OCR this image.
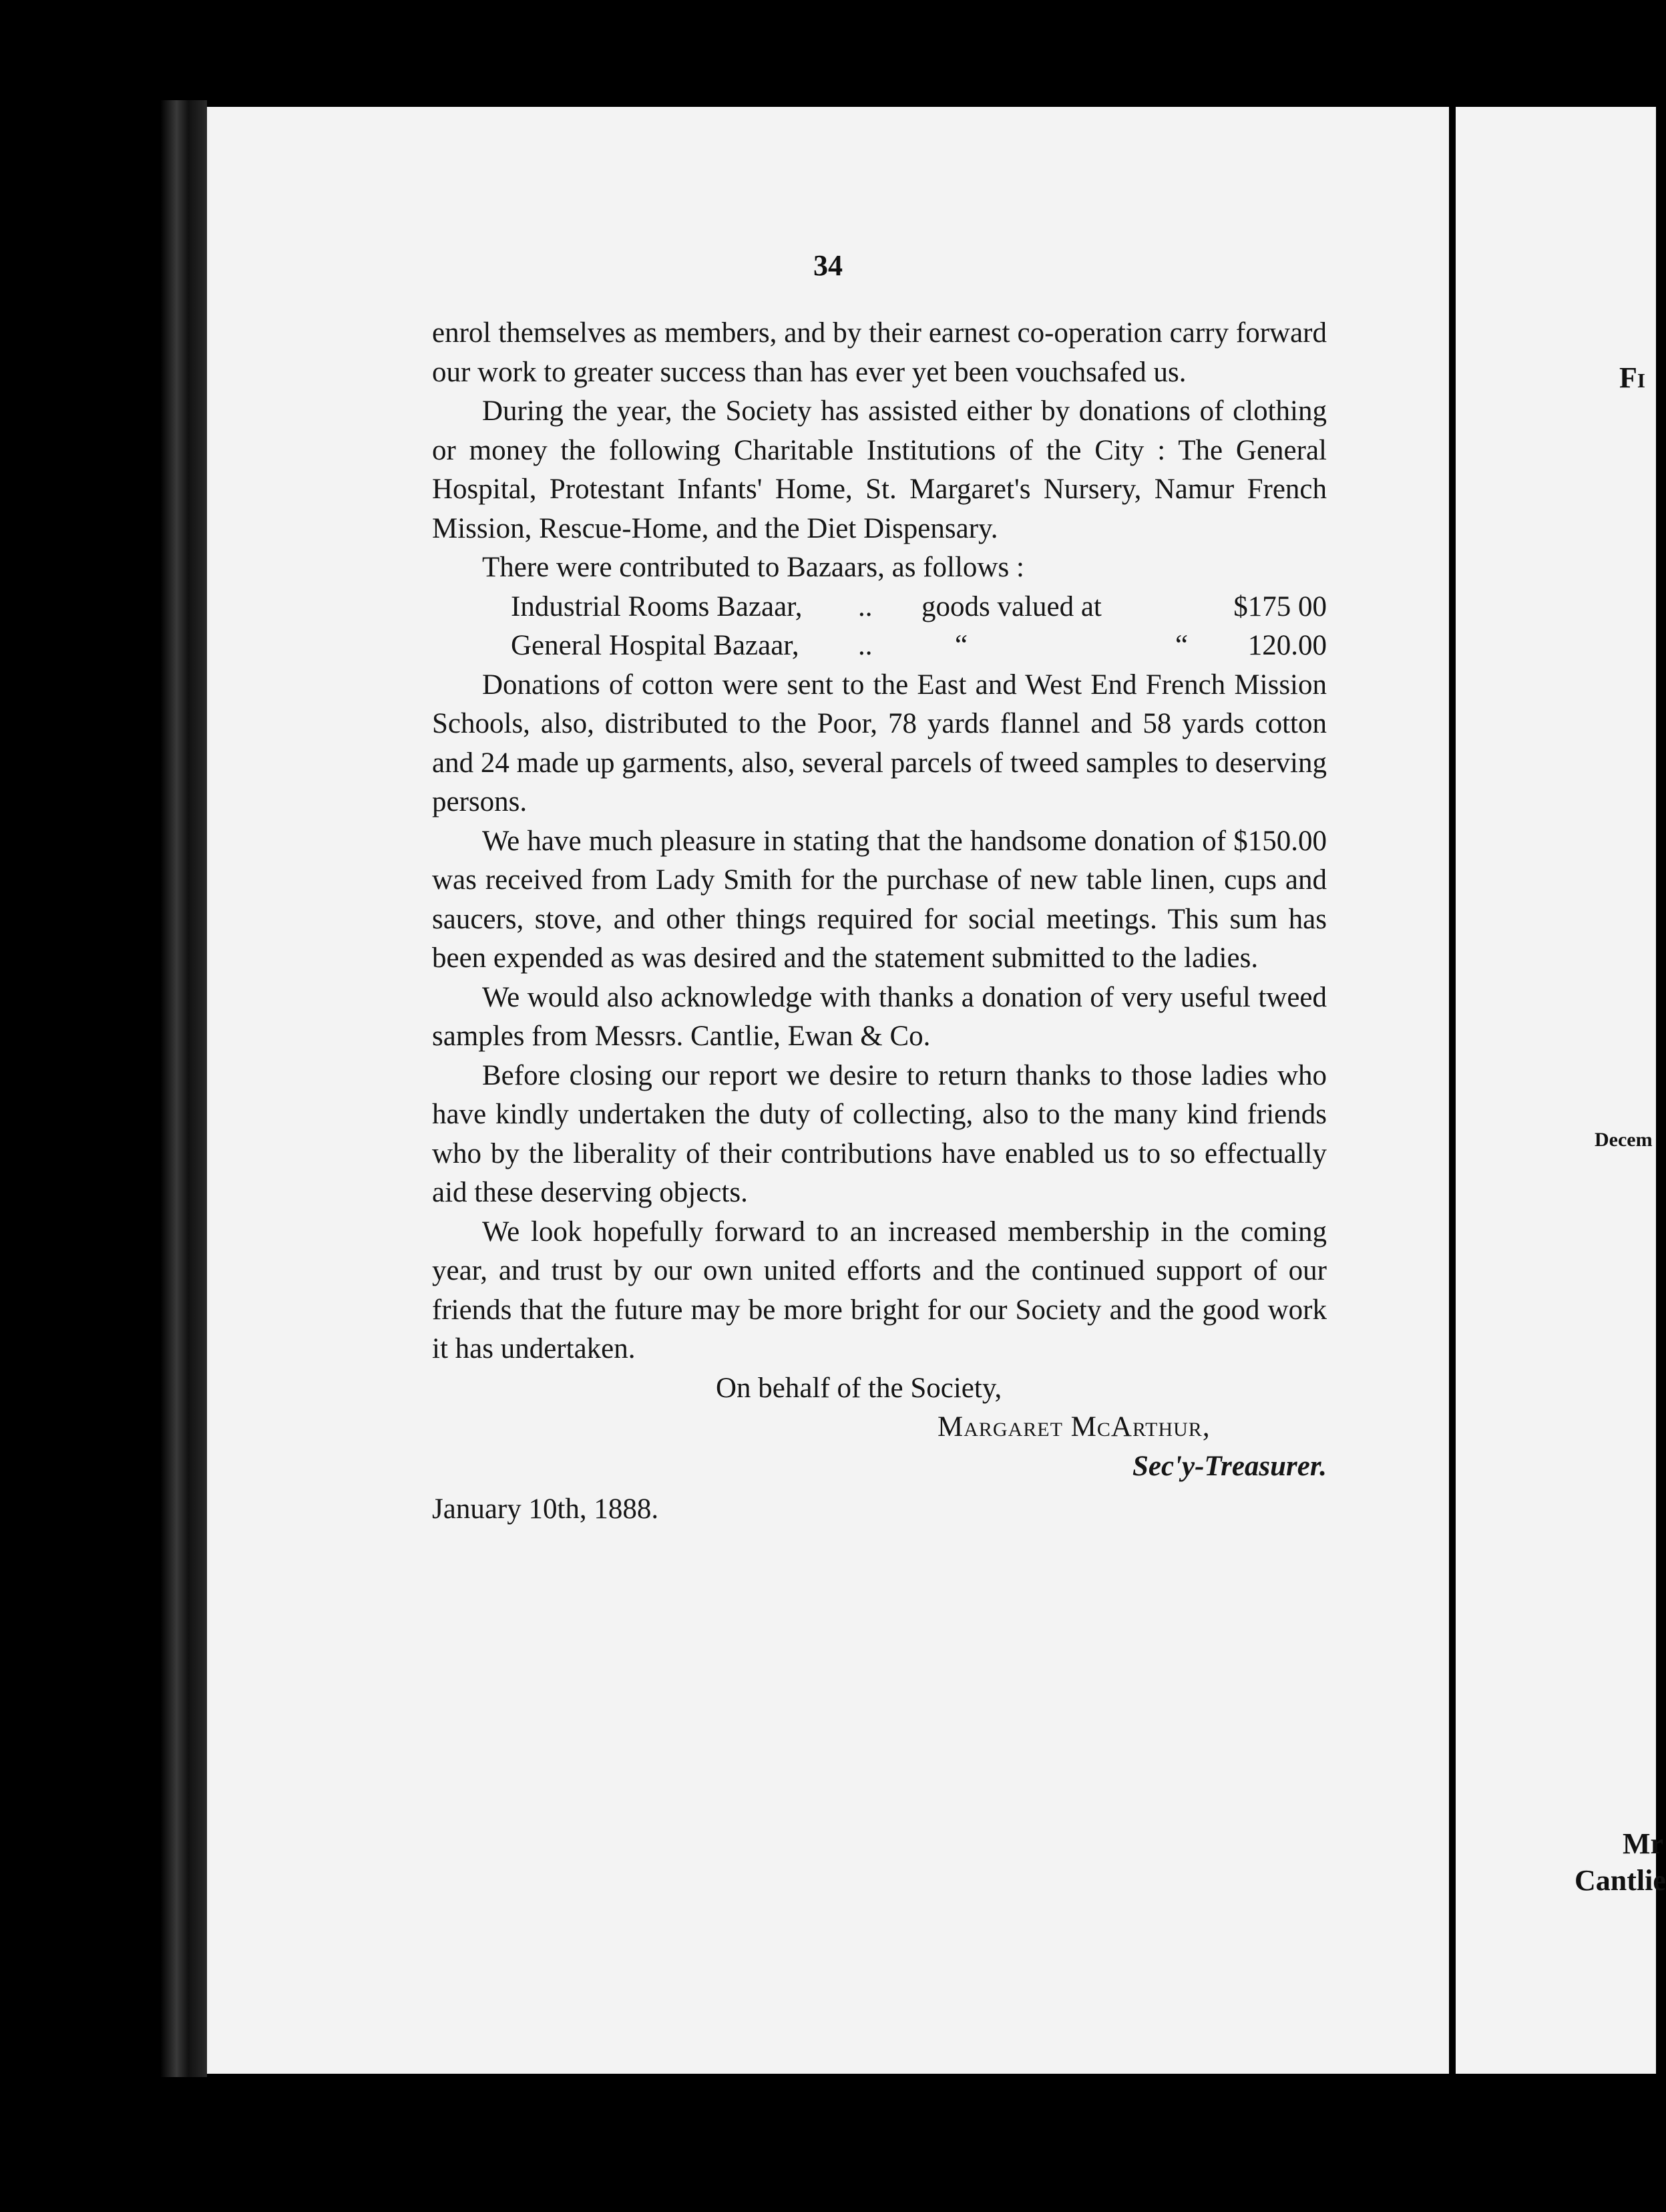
Fi
Decem
Mr
Cantlie
34

enrol themselves as members, and by their earnest co-operation carry forward our work to greater success than has ever yet been vouchsafed us.

During the year, the Society has assisted either by donations of clothing or money the following Charitable Institutions of the City : The General Hospital, Protestant Infants' Home, St. Margaret's Nursery, Namur French Mission, Rescue-Home, and the Diet Dispensary.

There were contributed to Bazaars, as follows :

Industrial Rooms Bazaar,	..	goods valued at	$175 00
General Hospital Bazaar,	..	“	“	120.00

Donations of cotton were sent to the East and West End French Mission Schools, also, distributed to the Poor, 78 yards flannel and 58 yards cotton and 24 made up garments, also, several parcels of tweed samples to deserving persons.

We have much pleasure in stating that the handsome donation of $150.00 was received from Lady Smith for the purchase of new table linen, cups and saucers, stove, and other things required for social meetings. This sum has been expended as was desired and the statement submitted to the ladies.

We would also acknowledge with thanks a donation of very useful tweed samples from Messrs. Cantlie, Ewan & Co.

Before closing our report we desire to return thanks to those ladies who have kindly undertaken the duty of collecting, also to the many kind friends who by the liberality of their contributions have enabled us to so effectually aid these deserving objects.

We look hopefully forward to an increased membership in the coming year, and trust by our own united efforts and the continued support of our friends that the future may be more bright for our Society and the good work it has undertaken.

On behalf of the Society,
Margaret McArthur,
Sec'y-Treasurer.
January 10th, 1888.
